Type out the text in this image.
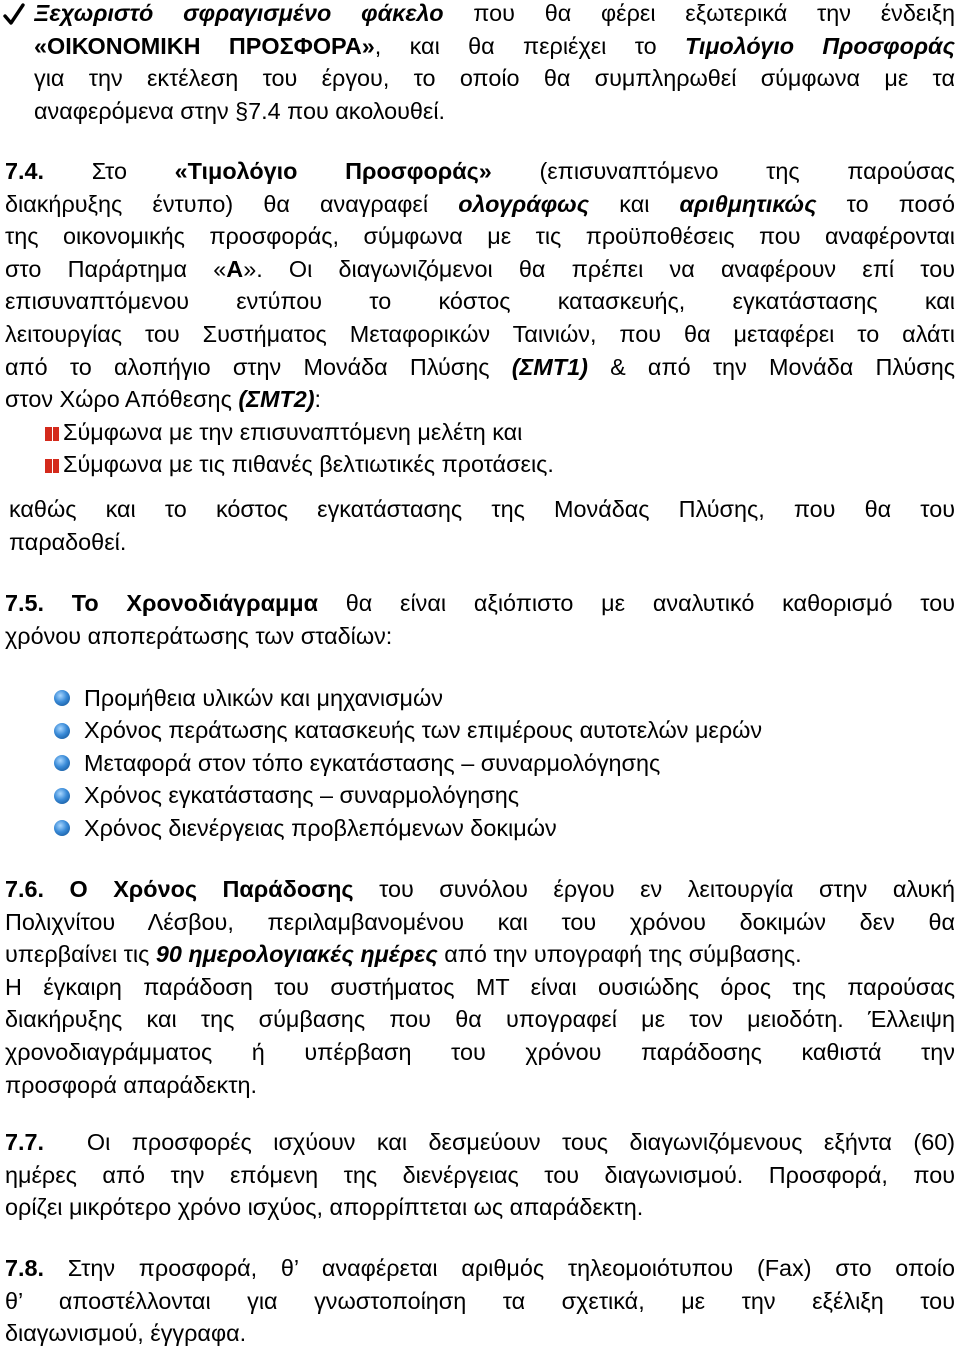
Ξεχωριστό σφραγισμένο φάκελο που θα φέρει εξωτερικά την ένδειξη
«ΟΙΚΟΝΟΜΙΚΗ ΠΡΟΣΦΟΡΑ», και θα περιέχει το Τιμολόγιο Προσφοράς
για την εκτέλεση του έργου, το οποίο θα συμπληρωθεί σύμφωνα με τα
αναφερόμενα στην §7.4 που ακολουθεί.
7.4. Στο «Τιμολόγιο Προσφοράς» (επισυναπτόμενο της παρούσας
διακήρυξης έντυπο) θα αναγραφεί ολογράφως και αριθμητικώς το ποσό
της οικονομικής προσφοράς, σύμφωνα με τις προϋποθέσεις που αναφέρονται
στο Παράρτημα «Α». Οι διαγωνιζόμενοι θα πρέπει να αναφέρουν επί του
επισυναπτόμενου εντύπου το κόστος κατασκευής, εγκατάστασης και
λειτουργίας του Συστήματος Μεταφορικών Ταινιών, που θα μεταφέρει το αλάτι
από το αλοπήγιο στην Μονάδα Πλύσης (ΣΜΤ1) & από την Μονάδα Πλύσης
στον Χώρο Απόθεσης (ΣΜΤ2):
Σύμφωνα με την επισυναπτόμενη μελέτη και
Σύμφωνα με τις πιθανές βελτιωτικές προτάσεις.
καθώς και το κόστος εγκατάστασης της Μονάδας Πλύσης, που θα του
παραδοθεί.
7.5. Το Χρονοδιάγραμμα θα είναι αξιόπιστο με αναλυτικό καθορισμό του
χρόνου αποπεράτωσης των σταδίων:
Προμήθεια υλικών και μηχανισμών
Χρόνος περάτωσης κατασκευής των επιμέρους αυτοτελών μερών
Μεταφορά στον τόπο εγκατάστασης – συναρμολόγησης
Χρόνος εγκατάστασης – συναρμολόγησης
Χρόνος διενέργειας προβλεπόμενων δοκιμών
7.6. Ο Χρόνος Παράδοσης του συνόλου έργου εν λειτουργία στην αλυκή
Πολιχνίτου Λέσβου, περιλαμβανομένου και του χρόνου δοκιμών δεν θα
υπερβαίνει τις 90 ημερολογιακές ημέρες από την υπογραφή της σύμβασης.
Η έγκαιρη παράδοση του συστήματος ΜΤ είναι ουσιώδης όρος της παρούσας
διακήρυξης και της σύμβασης που θα υπογραφεί με τον μειοδότη. Έλλειψη
χρονοδιαγράμματος ή υπέρβαση του χρόνου παράδοσης καθιστά την
προσφορά απαράδεκτη.
7.7. Οι προσφορές ισχύουν και δεσμεύουν τους διαγωνιζόμενους εξήντα (60)
ημέρες από την επόμενη της διενέργειας του διαγωνισμού. Προσφορά, που
ορίζει μικρότερο χρόνο ισχύος, απορρίπτεται ως απαράδεκτη.
7.8. Στην προσφορά, θ’ αναφέρεται αριθμός τηλεομοιότυπου (Fax) στο οποίο
θ’ αποστέλλονται για γνωστοποίηση τα σχετικά, με την εξέλιξη του
διαγωνισμού, έγγραφα.
